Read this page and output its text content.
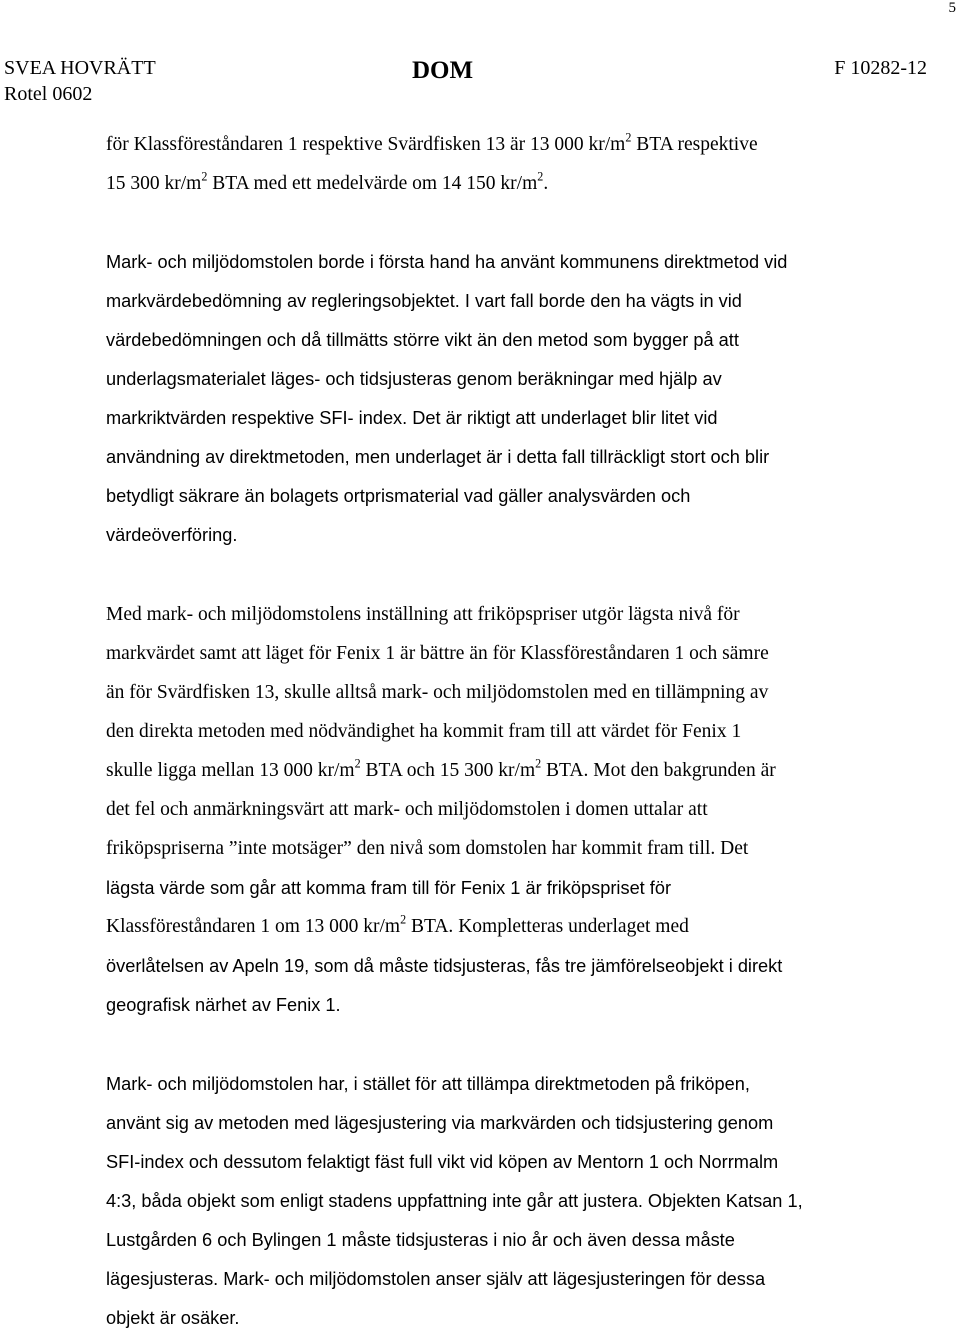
5
SVEA HOVRÄTT
Rotel 0602
DOM	F 10282-12
för Klassföreståndaren 1 respektive Svärdfisken 13 är 13 000 $kr/m^2$ BTA respektive
15 300 $kr/m^2$ BTA med ett medelvärde om 14 150 $kr/m^2$.
Mark- och miljödomstolen borde i första hand ha använt kommunens direktmetod vid
markvärdebedömning av regleringsobjektet. I vart fall borde den ha vägts in vid
värdebedömningen och då tillmätts större vikt än den metod som bygger på att
underlagsmaterialet läges- och tidsjusteras genom beräkningar med hjälp av
markriktvärden respektive SFI- index. Det är riktigt att underlaget blir litet vid
användning av direktmetoden, men underlaget är i detta fall tillräckligt stort och blir
betydligt säkrare än bolagets ortprismaterial vad gäller analysvärden och
värdeöverföring.
Med mark- och miljödomstolens inställning att friköpspriser utgör lägsta nivå för
markvärdet samt att läget för Fenix 1 är bättre än för Klassföreståndaren 1 och sämre
än för Svärdfisken 13, skulle alltså mark- och miljödomstolen med en tillämpning av
den direkta metoden med nödvändighet ha kommit fram till att värdet för Fenix 1
skulle ligga mellan 13 000 $kr/m^2$ BTA och 15 300 $kr/m^2$ BTA. Mot den bakgrunden är
det fel och anmärkningsvärt att mark- och miljödomstolen i domen uttalar att
friköpspriserna ”inte motsäger” den nivå som domstolen har kommit fram till. Det
lägsta värde som går att komma fram till för Fenix 1 är friköpspriset för
Klassföreståndaren 1 om 13 000 $kr/m^2$ BTA. Kompletteras underlaget med
överlåtelsen av Apeln 19, som då måste tidsjusteras, fås tre jämförelseobjekt i direkt
geografisk närhet av Fenix 1.
Mark- och miljödomstolen har, i stället för att tillämpa direktmetoden på friköpen,
använt sig av metoden med lägesjustering via markvärden och tidsjustering genom
SFI-index och dessutom felaktigt fäst full vikt vid köpen av Mentorn 1 och Norrmalm
4:3, båda objekt som enligt stadens uppfattning inte går att justera. Objekten Katsan 1,
Lustgården 6 och Bylingen 1 måste tidsjusteras i nio år och även dessa måste
lägesjusteras. Mark- och miljödomstolen anser själv att lägesjusteringen för dessa
objekt är osäker.
